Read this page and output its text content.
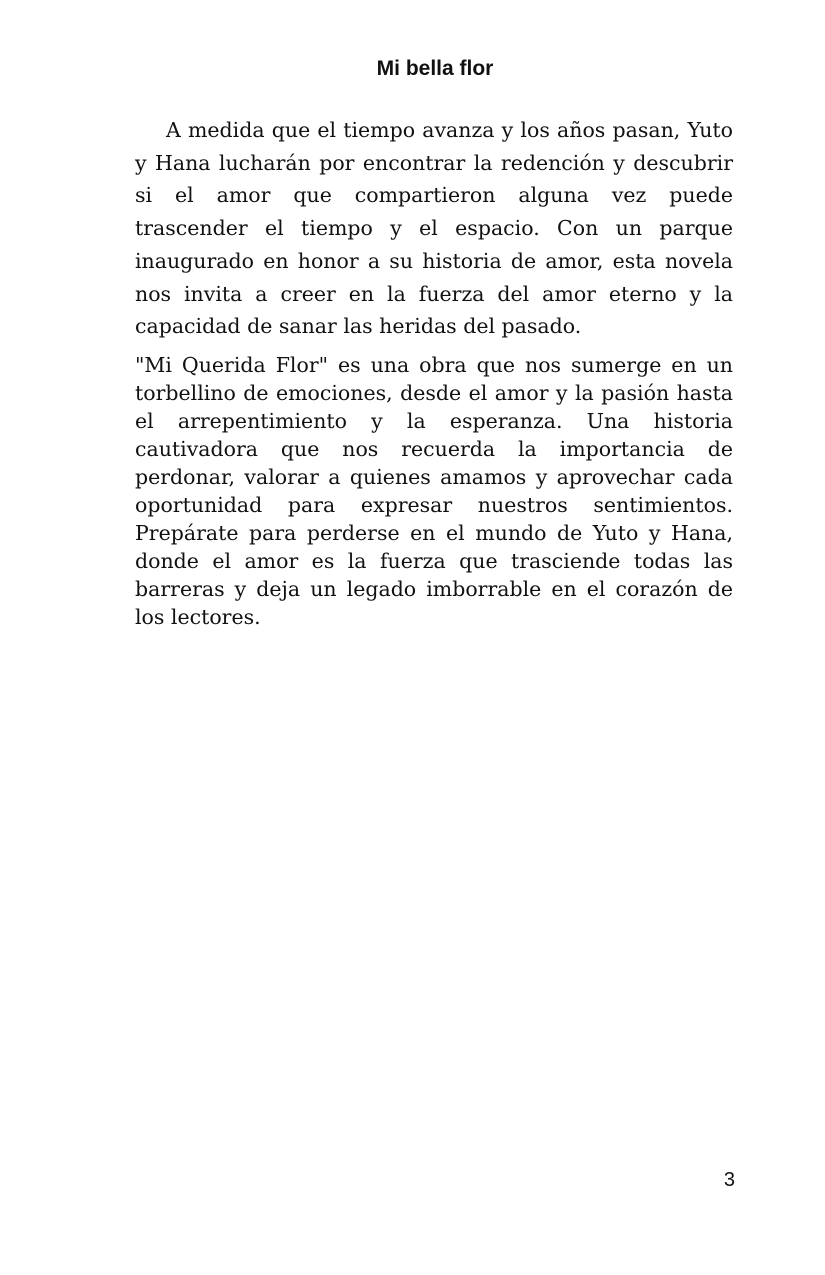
Mi bella flor

A medida que el tiempo avanza y los años pasan, Yuto y Hana lucharán por encontrar la redención y descubrir si el amor que compartieron alguna vez puede trascender el tiempo y el espacio. Con un parque inaugurado en honor a su historia de amor, esta novela nos invita a creer en la fuerza del amor eterno y la capacidad de sanar las heridas del pasado.

"Mi Querida Flor" es una obra que nos sumerge en un torbellino de emociones, desde el amor y la pasión hasta el arrepentimiento y la esperanza. Una historia cautivadora que nos recuerda la importancia de perdonar, valorar a quienes amamos y aprovechar cada oportunidad para expresar nuestros sentimientos. Prepárate para perderse en el mundo de Yuto y Hana, donde el amor es la fuerza que trasciende todas las barreras y deja un legado imborrable en el corazón de los lectores.

3
